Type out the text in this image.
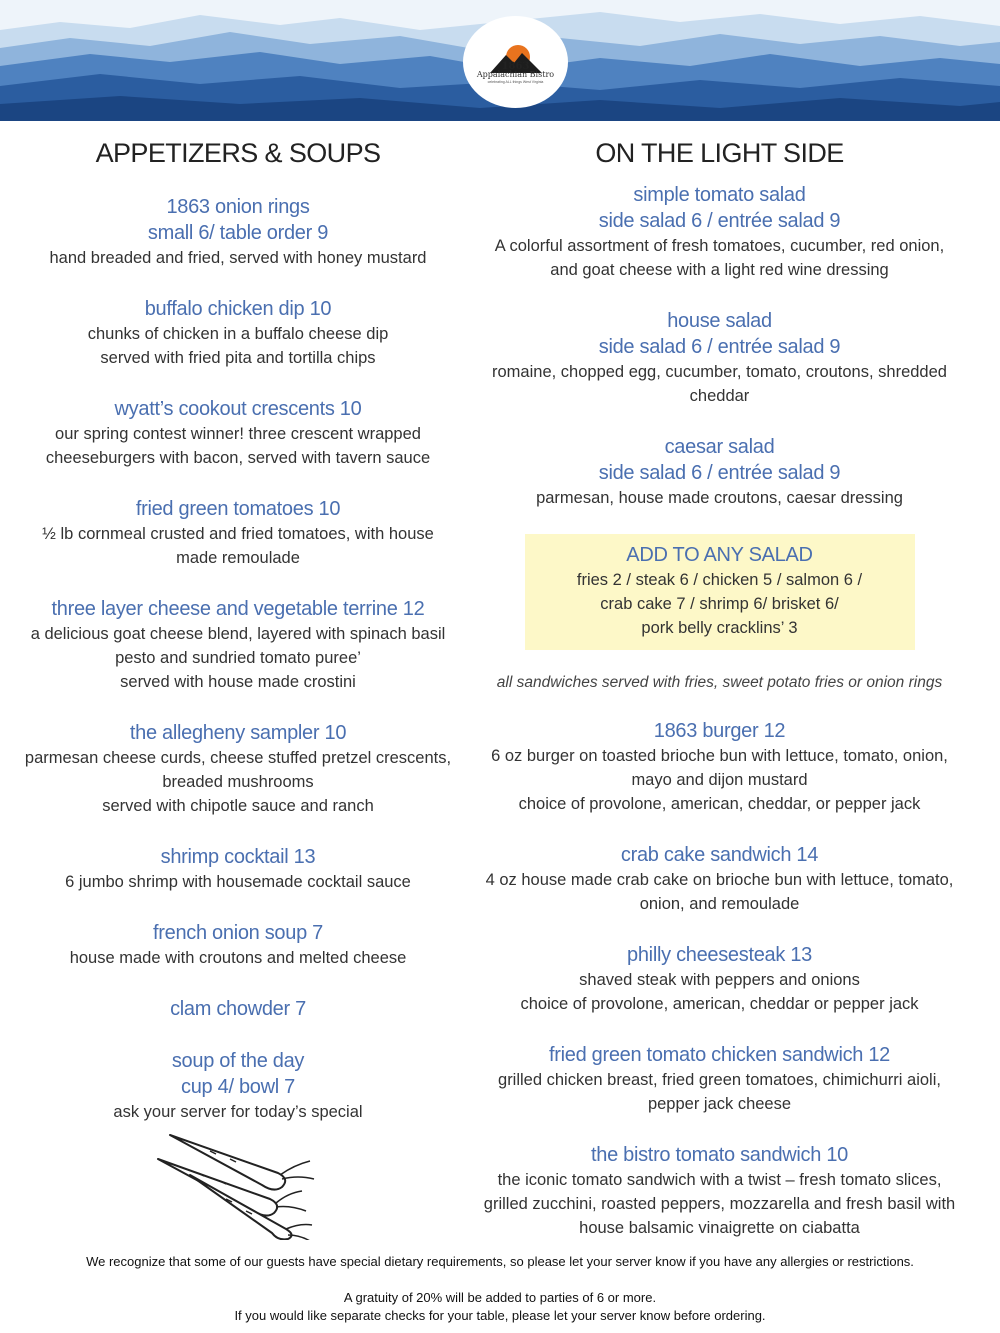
1863
Appalachian Bistro
celebrating ALL things West Virginia
APPETIZERS & SOUPS
1863 onion rings
small 6/ table order 9
hand breaded and fried, served with honey mustard
buffalo chicken dip 10
chunks of chicken in a buffalo cheese dip
served with fried pita and tortilla chips
wyatt’s cookout crescents 10
our spring contest winner! three crescent wrapped
cheeseburgers with bacon, served with tavern sauce
fried green tomatoes 10
½ lb cornmeal crusted and fried tomatoes, with house
made remoulade
three layer cheese and vegetable terrine 12
a delicious goat cheese blend, layered with spinach basil
pesto and sundried tomato puree’
served with house made crostini
the allegheny sampler 10
parmesan cheese curds, cheese stuffed pretzel crescents,
breaded mushrooms
served with chipotle sauce and ranch
shrimp cocktail 13
6 jumbo shrimp with housemade cocktail sauce
french onion soup 7
house made with croutons and melted cheese
clam chowder 7
soup of the day
cup 4/ bowl 7
ask your server for today’s special
ON THE LIGHT SIDE
simple tomato salad
side salad 6 / entrée salad 9
A colorful assortment of fresh tomatoes, cucumber, red onion,
and goat cheese with a light red wine dressing
house salad
side salad 6 / entrée salad 9
romaine, chopped egg, cucumber, tomato, croutons, shredded
cheddar
caesar salad
side salad 6 / entrée salad 9
parmesan, house made croutons, caesar dressing
ADD TO ANY SALAD
fries 2 / steak 6 / chicken 5 / salmon 6 /
crab cake 7 / shrimp 6/ brisket 6/
pork belly cracklins’ 3
all sandwiches served with fries, sweet potato fries or onion rings
1863 burger 12
6 oz burger on toasted brioche bun with lettuce, tomato, onion,
mayo and dijon mustard
choice of provolone, american, cheddar, or pepper jack
crab cake sandwich 14
4 oz house made crab cake on brioche bun with lettuce, tomato,
onion, and remoulade
philly cheesesteak 13
shaved steak with peppers and onions
choice of provolone, american, cheddar or pepper jack
fried green tomato chicken sandwich 12
grilled chicken breast, fried green tomatoes, chimichurri aioli,
pepper jack cheese
the bistro tomato sandwich 10
the iconic tomato sandwich with a twist – fresh tomato slices,
grilled zucchini, roasted peppers, mozzarella and fresh basil with
house balsamic vinaigrette on ciabatta
We recognize that some of our guests have special dietary requirements, so please let your server know if you have any allergies or restrictions.
A gratuity of 20% will be added to parties of 6 or more.
If you would like separate checks for your table, please let your server know before ordering.
